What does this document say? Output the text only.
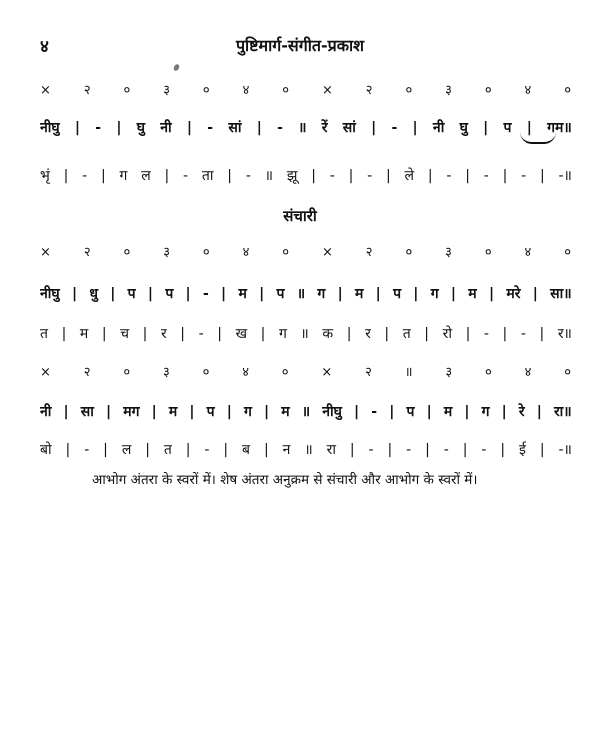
४	पुष्टिमार्ग-संगीत-प्रकाश
× २ ० ३ ० ४ ० × २ ० ३ ० ४ ०
नीघु | - | घु नी | - सां | - ॥ रें सां | - | नी घु | प | गम॥
भृं | - | ग ल | - ता | - ॥ झू | - | - | ले | - | - | - | -॥
संचारी
× २ ० ३ ० ४ ० × २ ० ३ ० ४ ०
नीघु | धु | प | प | - | म | प ॥ ग | म | प | ग | म | मरे | सा॥
त | म | च | र | - | ख | ग ॥ क | र | त | रो | - | - | र॥
× २ ० ३ ० ४ ० × २ ॥ ३ ० ४ ०
नी | सा | मग | म | प | ग | म ॥ नीघु | - | प | म | ग | रे | रा॥
बो | - | ल | त | - | ब | न ॥ रा | - | - | - | - | ई | -॥
आभोग अंतरा के स्वरों में। शेष अंतरा अनुक्रम से संचारी और आभोग के स्वरों में।
